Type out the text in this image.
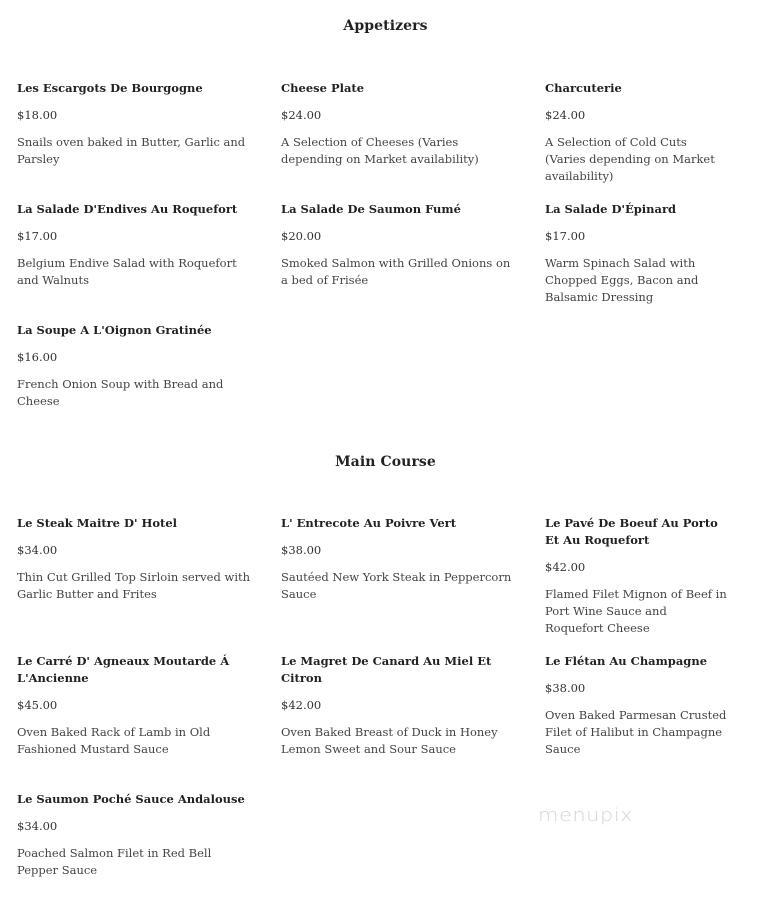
Appetizers
Les Escargots De Bourgogne
$18.00
Snails oven baked in Butter, Garlic and Parsley
Cheese Plate
$24.00
A Selection of Cheeses (Varies depending on Market availability)
Charcuterie
$24.00
A Selection of Cold Cuts (Varies depending on Market availability)
La Salade D'Endives Au Roquefort
$17.00
Belgium Endive Salad with Roquefort and Walnuts
La Salade De Saumon Fumé
$20.00
Smoked Salmon with Grilled Onions on a bed of Frisée
La Salade D'Épinard
$17.00
Warm Spinach Salad with Chopped Eggs, Bacon and Balsamic Dressing
La Soupe A L'Oignon Gratinée
$16.00
French Onion Soup with Bread and Cheese
Main Course
Le Steak Maitre D' Hotel
$34.00
Thin Cut Grilled Top Sirloin served with Garlic Butter and Frites
L' Entrecote Au Poivre Vert
$38.00
Sautéed New York Steak in Peppercorn Sauce
Le Pavé De Boeuf Au Porto Et Au Roquefort
$42.00
Flamed Filet Mignon of Beef in Port Wine Sauce and Roquefort Cheese
Le Carré D' Agneaux Moutarde Á L'Ancienne
$45.00
Oven Baked Rack of Lamb in Old Fashioned Mustard Sauce
Le Magret De Canard Au Miel Et Citron
$42.00
Oven Baked Breast of Duck in Honey Lemon Sweet and Sour Sauce
Le Flétan Au Champagne
$38.00
Oven Baked Parmesan Crusted Filet of Halibut in Champagne Sauce
Le Saumon Poché Sauce Andalouse
$34.00
Poached Salmon Filet in Red Bell Pepper Sauce
menupix
